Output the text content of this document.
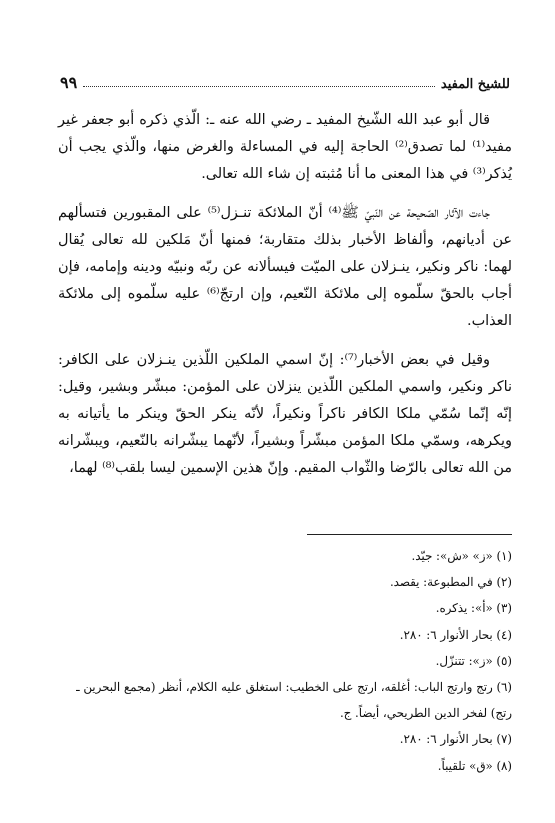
للشيخ المفيد
٩٩

قال أبو عبد الله الشّيخ المفيد ـ رضي الله عنه ـ: الّذي ذكره أبو جعفر غير مفيد⁽¹⁾ لما تصدق⁽²⁾ الحاجة إليه في المساءلة والغرض منها، والّذي يجب أن يُذكر⁽³⁾ في هذا المعنى ما أنا مُثبته إن شاء الله تعالى.

جاءت الآثار الصّحيحة عن النّبيّ ﷺ⁽⁴⁾ أنّ الملائكة تنـزل⁽⁵⁾ على المقبورين فتسألهم عن أديانهم، وألفاظ الأخبار بذلك متقاربة؛ فمنها أنّ مَلكين لله تعالى يُقال لهما: ناكر ونكير، ينـزلان على الميّت فيسألانه عن ربّه ونبيّه ودينه وإمامه، فإن أجاب بالحقّ سلّموه إلى ملائكة النّعيم، وإن ارتجّ⁽⁶⁾ عليه سلّموه إلى ملائكة العذاب.

وقيل في بعض الأخبار⁽⁷⁾: إنّ اسمي الملكين اللّذين ينـزلان على الكافر: ناكر ونكير، واسمي الملكين اللّذين ينزلان على المؤمن: مبشّر وبشير، وقيل: إنّه إنّما سُمّي ملكا الكافر ناكراً ونكيراً، لأنّه ينكر الحقّ وينكر ما يأتيانه به ويكرهه، وسمّي ملكا المؤمن مبشّراً وبشيراً، لأنّهما يبشّرانه بالنّعيم، ويبشّرانه من الله تعالى بالرّضا والثّواب المقيم. وإنّ هذين الإسمين ليسا بلقب⁽⁸⁾ لهما،

(١) «ز» «ش»: جيّد.

(٢) في المطبوعة: يقصد.

(٣) «أ»: يذكره.

(٤) بحار الأنوار ٦: ٢٨٠.

(٥) «ز»: تتنزّل.

(٦) رتج وارتج الباب: أغلقه، ارتج على الخطيب: استغلق عليه الكلام، أنظر (مجمع البحرين ـ رتج) لفخر الدين الطريحي، أيضاً. ج.

(٧) بحار الأنوار ٦: ٢٨٠.

(٨) «ق» تلقيباً.
